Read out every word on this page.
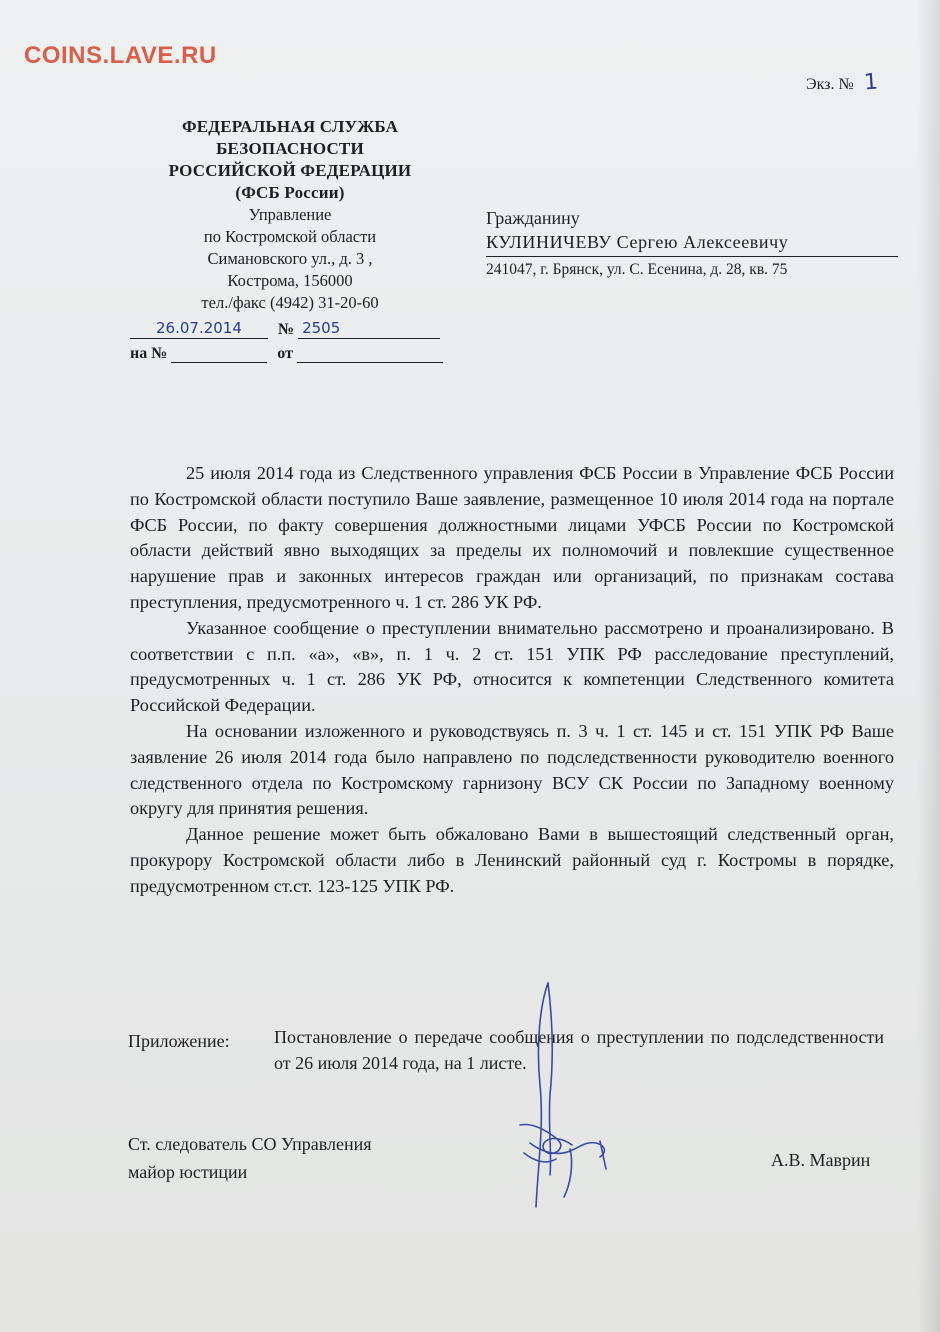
COINS.LAVE.RU
Экз. № 1
ФЕДЕРАЛЬНАЯ СЛУЖБА
БЕЗОПАСНОСТИ
РОССИЙСКОЙ ФЕДЕРАЦИИ
(ФСБ России)
Управление
по Костромской области
Симановского ул., д. 3 ,
Кострома, 156000
тел./факс (4942) 31-20-60
26.07.2014 № 2505
на №	от
Гражданину
КУЛИНИЧЕВУ Сергею Алексеевичу
241047, г. Брянск, ул. С. Есенина, д. 28, кв. 75

25 июля 2014 года из Следственного управления ФСБ России в Управление ФСБ России по Костромской области поступило Ваше заявление, размещенное 10 июля 2014 года на портале ФСБ России, по факту совершения должностными лицами УФСБ России по Костромской области действий явно выходящих за пределы их полномочий и повлекшие существенное нарушение прав и законных интересов граждан или организаций, по признакам состава преступления, предусмотренного ч. 1 ст. 286 УК РФ.

Указанное сообщение о преступлении внимательно рассмотрено и проанализировано. В соответствии с п.п. «а», «в», п. 1 ч. 2 ст. 151 УПК РФ расследование преступлений, предусмотренных ч. 1 ст. 286 УК РФ, относится к компетенции Следственного комитета Российской Федерации.

На основании изложенного и руководствуясь п. 3 ч. 1 ст. 145 и ст. 151 УПК РФ Ваше заявление 26 июля 2014 года было направлено по подследственности руководителю военного следственного отдела по Костромскому гарнизону ВСУ СК России по Западному военному округу для принятия решения.

Данное решение может быть обжаловано Вами в вышестоящий следственный орган, прокурору Костромской области либо в Ленинский районный суд г. Костромы в порядке, предусмотренном ст.ст. 123-125 УПК РФ.

Приложение: Постановление о передаче сообщения о преступлении по подследственности от 26 июля 2014 года, на 1 листе.
Ст. следователь СО Управления
майор юстиции
А.В. Маврин
